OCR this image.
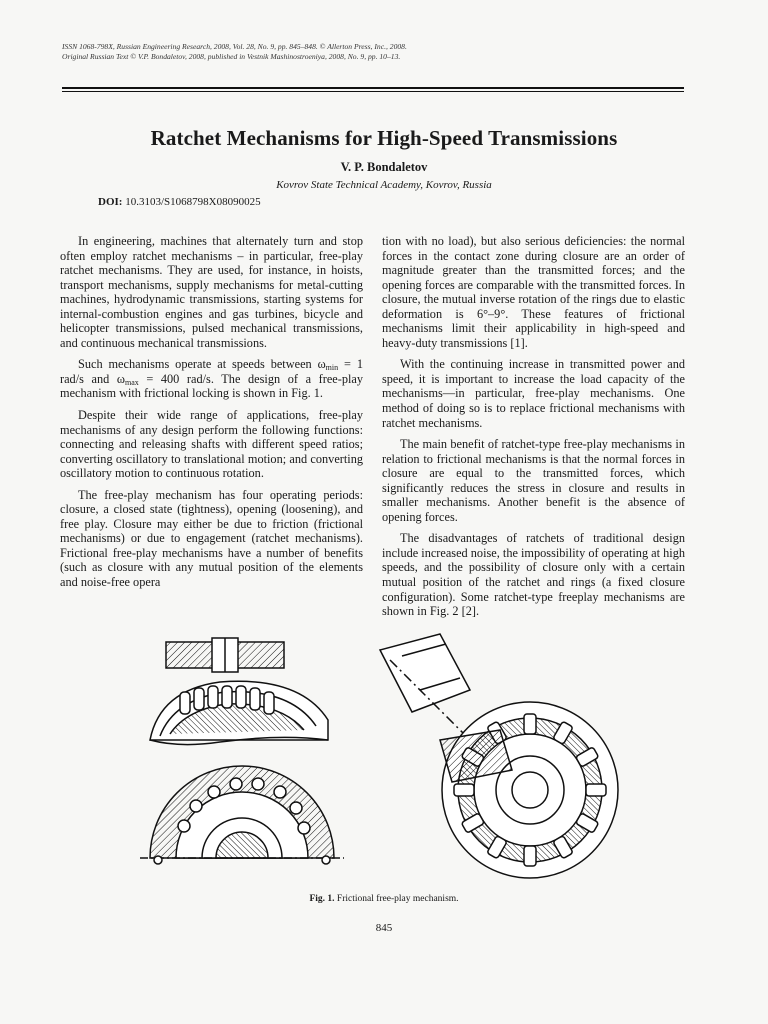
ISSN 1068-798X, Russian Engineering Research, 2008, Vol. 28, No. 9, pp. 845–848. © Allerton Press, Inc., 2008.
Original Russian Text © V.P. Bondaletov, 2008, published in Vestnik Mashinostroeniya, 2008, No. 9, pp. 10–13.
Ratchet Mechanisms for High-Speed Transmissions
V. P. Bondaletov
Kovrov State Technical Academy, Kovrov, Russia
DOI: 10.3103/S1068798X08090025

In engineering, machines that alternately turn and stop often employ ratchet mechanisms – in particular, free-play ratchet mechanisms. They are used, for instance, in hoists, transport mechanisms, supply mechanisms for metal-cutting machines, hydrodynamic transmissions, starting systems for internal-combustion engines and gas turbines, bicycle and helicopter transmissions, pulsed mechanical transmissions, and continuous mechanical transmissions.

Such mechanisms operate at speeds between $\omega_{min} = 1$ rad/s and $\omega_{max} = 400$ rad/s. The design of a free-play mechanism with frictional locking is shown in Fig. 1.

Despite their wide range of applications, free-play mechanisms of any design perform the following functions: connecting and releasing shafts with different speed ratios; converting oscillatory to translational motion; and converting oscillatory motion to continuous rotation.

The free-play mechanism has four operating periods: closure, a closed state (tightness), opening (loosening), and free play. Closure may either be due to friction (frictional mechanisms) or due to engagement (ratchet mechanisms). Frictional free-play mechanisms have a number of benefits (such as closure with any mutual position of the elements and noise-free opera

tion with no load), but also serious deficiencies: the normal forces in the contact zone during closure are an order of magnitude greater than the transmitted forces; and the opening forces are comparable with the transmitted forces. In closure, the mutual inverse rotation of the rings due to elastic deformation is 6°–9°. These features of frictional mechanisms limit their applicability in high-speed and heavy-duty transmissions [1].

With the continuing increase in transmitted power and speed, it is important to increase the load capacity of the mechanisms—in particular, free-play mechanisms. One method of doing so is to replace frictional mechanisms with ratchet mechanisms.

The main benefit of ratchet-type free-play mechanisms in relation to frictional mechanisms is that the normal forces in closure are equal to the transmitted forces, which significantly reduces the stress in closure and results in smaller mechanisms. Another benefit is the absence of opening forces.

The disadvantages of ratchets of traditional design include increased noise, the impossibility of operating at high speeds, and the possibility of closure only with a certain mutual position of the ratchet and rings (a fixed closure configuration). Some ratchet-type freeplay mechanisms are shown in Fig. 2 [2].

Fig. 1. Frictional free-play mechanism.
845
